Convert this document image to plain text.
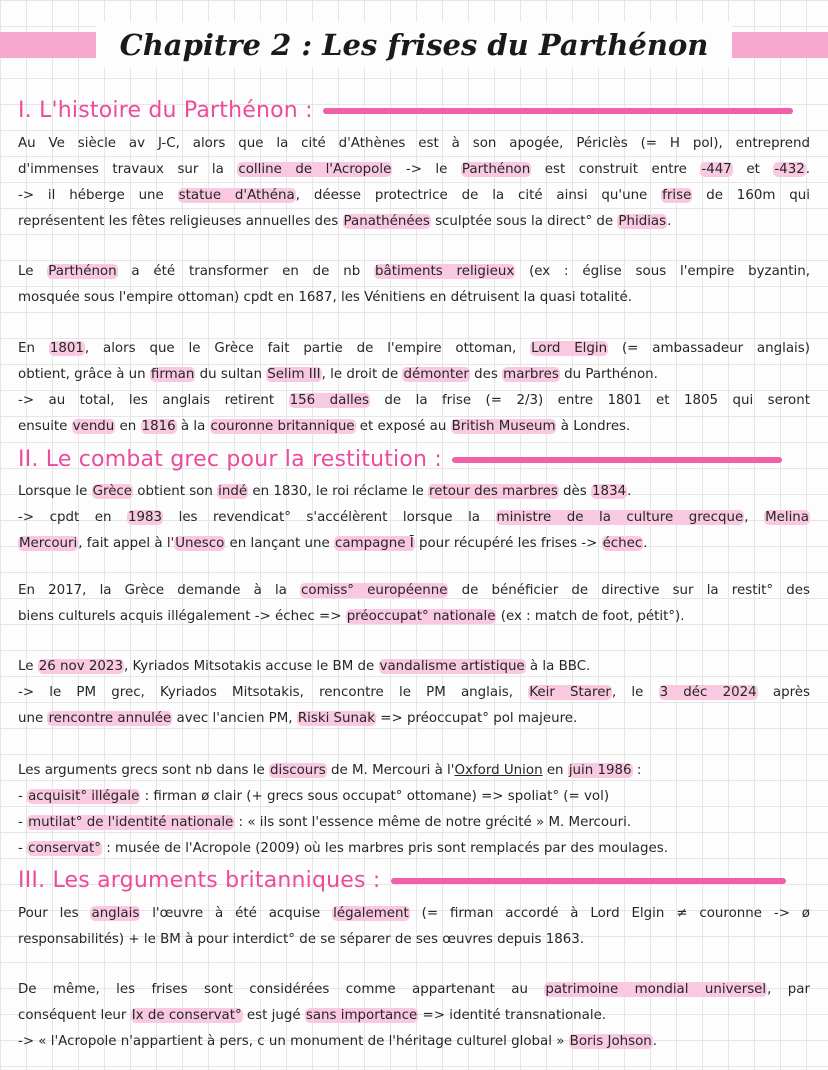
Chapitre 2 : Les frises du Parthénon
I. L'histoire du Parthénon :
Au Ve siècle av J-C, alors que la cité d'Athènes est à son apogée, Périclès (= H pol), entreprend
d'immenses travaux sur la colline de l'Acropole -> le Parthénon est construit entre -447 et -432.
-> il héberge une statue d'Athéna, déesse protectrice de la cité ainsi qu'une frise de 160m qui
représentent les fêtes religieuses annuelles des Panathénées sculptée sous la direct° de Phidias.
Le Parthénon a été transformer en de nb bâtiments religieux (ex : église sous l'empire byzantin,
mosquée sous l'empire ottoman) cpdt en 1687, les Vénitiens en détruisent la quasi totalité.
En 1801, alors que le Grèce fait partie de l'empire ottoman, Lord Elgin (= ambassadeur anglais)
obtient, grâce à un firman du sultan Selim III, le droit de démonter des marbres du Parthénon.
-> au total, les anglais retirent 156 dalles de la frise (= 2/3) entre 1801 et 1805 qui seront
ensuite vendu en 1816 à la couronne britannique et exposé au British Museum à Londres.
II. Le combat grec pour la restitution :
Lorsque le Grèce obtient son indé en 1830, le roi réclame le retour des marbres dès 1834.
-> cpdt en 1983 les revendicat° s'accélèrent lorsque la ministre de la culture grecque, Melina
Mercouri, fait appel à l'Unesco en lançant une campagne Ī pour récupéré les frises -> échec.
En 2017, la Grèce demande à la comiss° européenne de bénéficier de directive sur la restit° des
biens culturels acquis illégalement -> échec => préoccupat° nationale (ex : match de foot, pétit°).
Le 26 nov 2023, Kyriados Mitsotakis accuse le BM de vandalisme artistique à la BBC.
-> le PM grec, Kyriados Mitsotakis, rencontre le PM anglais, Keir Starer, le 3 déc 2024 après
une rencontre annulée avec l'ancien PM, Riski Sunak => préoccupat° pol majeure.
Les arguments grecs sont nb dans le discours de M. Mercouri à l'Oxford Union en juin 1986 :
- acquisit° illégale : firman ø clair (+ grecs sous occupat° ottomane) => spoliat° (= vol)
- mutilat° de l'identité nationale : « ils sont l'essence même de notre grécité » M. Mercouri.
- conservat° : musée de l'Acropole (2009) où les marbres pris sont remplacés par des moulages.
III. Les arguments britanniques :
Pour les anglais l'œuvre à été acquise légalement (= firman accordé à Lord Elgin ≠ couronne -> ø
responsabilités) + le BM à pour interdict° de se séparer de ses œuvres depuis 1863.
De même, les frises sont considérées comme appartenant au patrimoine mondial universel, par
conséquent leur Ix de conservat° est jugé sans importance => identité transnationale.
-> « l'Acropole n'appartient à pers, c un monument de l'héritage culturel global » Boris Johson.
